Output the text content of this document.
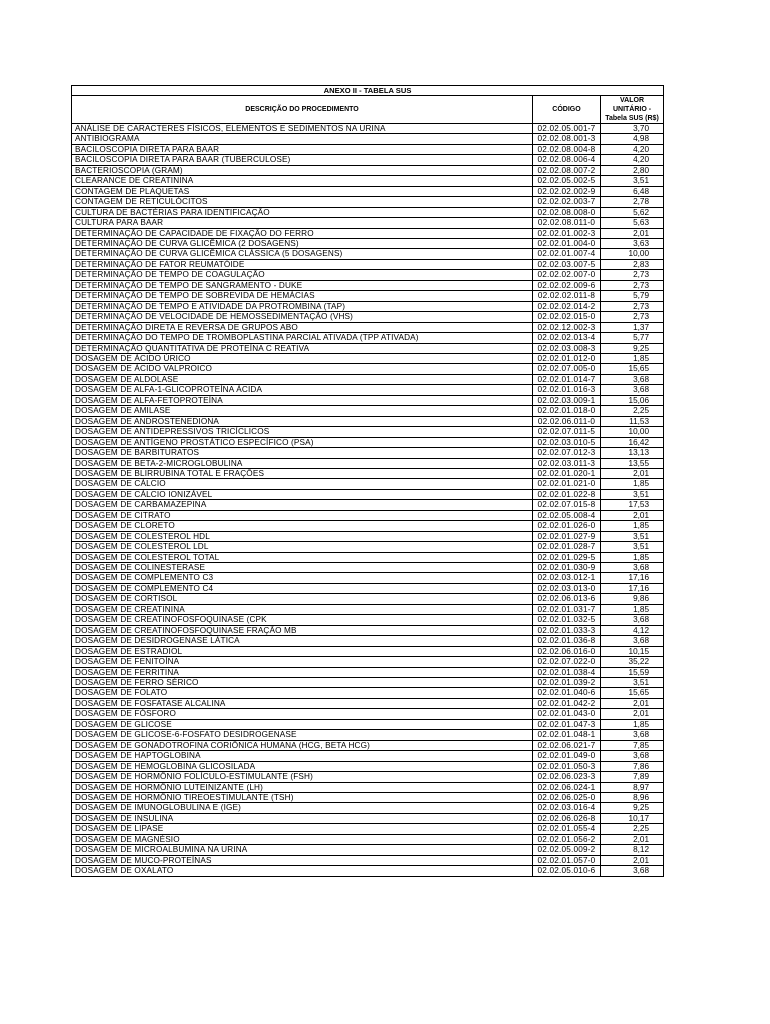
ANEXO II - TABELA SUS		
DESCRIÇÃO DO PROCEDIMENTO	CÓDIGO	VALOR UNITÁRIO - Tabela SUS (R$)
ANÁLISE DE CARACTERES FÍSICOS, ELEMENTOS E SEDIMENTOS NA URINA	02.02.05.001-7	3,70
ANTIBIOGRAMA	02.02.08.001-3	4,98
BACILOSCOPIA DIRETA PARA BAAR	02.02.08.004-8	4,20
BACILOSCOPIA DIRETA PARA BAAR (TUBERCULOSE)	02.02.08.006-4	4,20
BACTERIOSCOPIA (GRAM)	02.02.08.007-2	2,80
CLEARANCE DE CREATININA	02.02.05.002-5	3,51
CONTAGEM DE PLAQUETAS	02.02.02.002-9	6,48
CONTAGEM DE RETICULÓCITOS	02.02.02.003-7	2,78
CULTURA DE BACTÉRIAS PARA IDENTIFICAÇÃO	02.02.08.008-0	5,62
CULTURA PARA BAAR	02.02.08.011-0	5,63
DETERMINAÇÃO DE CAPACIDADE DE FIXAÇÃO DO FERRO	02.02.01.002-3	2,01
DETERMINAÇÃO DE CURVA GLICÊMICA (2 DOSAGENS)	02.02.01.004-0	3,63
DETERMINAÇÃO DE CURVA GLICÊMICA CLÁSSICA (5 DOSAGENS)	02.02.01.007-4	10,00
DETERMINAÇÃO DE FATOR REUMATÓIDE	02.02.03.007-5	2,83
DETERMINAÇÃO DE TEMPO DE COAGULAÇÃO	02.02.02.007-0	2,73
DETERMINAÇÃO DE TEMPO DE SANGRAMENTO - DUKE	02.02.02.009-6	2,73
DETERMINAÇÃO DE TEMPO DE SOBREVIDA DE HEMÁCIAS	02.02.02.011-8	5,79
DETERMINAÇÃO DE TEMPO E ATIVIDADE DA PROTROMBINA (TAP)	02.02.02.014-2	2,73
DETERMINAÇÃO DE VELOCIDADE DE HEMOSSEDIMENTAÇÃO (VHS)	02.02.02.015-0	2,73
DETERMINAÇÃO DIRETA E REVERSA DE GRUPOS ABO	02.02.12.002-3	1,37
DETERMINAÇÃO DO TEMPO DE TROMBOPLASTINA PARCIAL ATIVADA (TPP ATIVADA)	02.02.02.013-4	5,77
DETERMINAÇÃO QUANTITATIVA DE PROTEÍNA C REATIVA	02.02.03.008-3	9,25
DOSAGEM DE ÁCIDO ÚRICO	02.02.01.012-0	1,85
DOSAGEM DE ÁCIDO VALPROICO	02.02.07.005-0	15,65
DOSAGEM DE ALDOLASE	02.02.01.014-7	3,68
DOSAGEM DE ALFA-1-GLICOPROTEÍNA ÁCIDA	02.02.01.016-3	3,68
DOSAGEM DE ALFA-FETOPROTEÍNA	02.02.03.009-1	15,06
DOSAGEM DE AMILASE	02.02.01.018-0	2,25
DOSAGEM DE ANDROSTENEDIONA	02.02.06.011-0	11,53
DOSAGEM DE ANTIDEPRESSIVOS TRICÍCLICOS	02.02.07.011-5	10,00
DOSAGEM DE ANTÍGENO PROSTÁTICO ESPECÍFICO (PSA)	02.02.03.010-5	16,42
DOSAGEM DE BARBITURATOS	02.02.07.012-3	13,13
DOSAGEM DE BETA-2-MICROGLOBULINA	02.02.03.011-3	13,55
DOSAGEM DE BLIRRUBINA TOTAL E FRAÇÕES	02.02.01.020-1	2,01
DOSAGEM DE CÁLCIO	02.02.01.021-0	1,85
DOSAGEM DE CÁLCIO IONIZÁVEL	02.02.01.022-8	3,51
DOSAGEM DE CARBAMAZEPINA	02.02.07.015-8	17,53
DOSAGEM DE CITRATO	02.02.05.008-4	2,01
DOSAGEM DE CLORETO	02.02.01.026-0	1,85
DOSAGEM DE COLESTEROL HDL	02.02.01.027-9	3,51
DOSAGEM DE COLESTEROL LDL	02.02.01.028-7	3,51
DOSAGEM DE COLESTEROL TOTAL	02.02.01.029-5	1,85
DOSAGEM DE COLINESTERASE	02.02.01.030-9	3,68
DOSAGEM DE COMPLEMENTO C3	02.02.03.012-1	17,16
DOSAGEM DE COMPLEMENTO C4	02.02.03.013-0	17,16
DOSAGEM DE CORTISOL	02.02.06.013-6	9,86
DOSAGEM DE CREATININA	02.02.01.031-7	1,85
DOSAGEM DE CREATINOFOSFOQUINASE (CPK	02.02.01.032-5	3,68
DOSAGEM DE CREATINOFOSFOQUINASE FRAÇÃO MB	02.02.01.033-3	4,12
DOSAGEM DE DESIDROGENASE LÁTICA	02.02.01.036-8	3,68
DOSAGEM DE ESTRADIOL	02.02.06.016-0	10,15
DOSAGEM DE FENITOÍNA	02.02.07.022-0	35,22
DOSAGEM DE FERRITINA	02.02.01.038-4	15,59
DOSAGEM DE FERRO SÉRICO	02.02.01.039-2	3,51
DOSAGEM DE FOLATO	02.02.01.040-6	15,65
DOSAGEM DE FOSFATASE ALCALINA	02.02.01.042-2	2,01
DOSAGEM DE FÓSFORO	02.02.01.043-0	2,01
DOSAGEM DE GLICOSE	02.02.01.047-3	1,85
DOSAGEM DE GLICOSE-6-FOSFATO DESIDROGENASE	02.02.01.048-1	3,68
DOSAGEM DE GONADOTROFINA CORIÔNICA HUMANA (HCG, BETA HCG)	02.02.06.021-7	7,85
DOSAGEM DE HAPTOGLOBINA	02.02.01.049-0	3,68
DOSAGEM DE HEMOGLOBINA GLICOSILADA	02.02.01.050-3	7,86
DOSAGEM DE HORMÔNIO FOLÍCULO-ESTIMULANTE (FSH)	02.02.06.023-3	7,89
DOSAGEM DE HORMÔNIO LUTEINIZANTE (LH)	02.02.06.024-1	8,97
DOSAGEM DE HORMÔNIO TIREOESTIMULANTE (TSH)	02.02.06.025-0	8,96
DOSAGEM DE IMUNOGLOBULINA E (IGE)	02.02.03.016-4	9,25
DOSAGEM DE INSULINA	02.02.06.026-8	10,17
DOSAGEM DE LIPASE	02.02.01.055-4	2,25
DOSAGEM DE MAGNÉSIO	02.02.01.056-2	2,01
DOSAGEM DE MICROALBUMINA NA URINA	02.02.05.009-2	8,12
DOSAGEM DE MUCO-PROTEÍNAS	02.02.01.057-0	2,01
DOSAGEM DE OXALATO	02.02.05.010-6	3,68
